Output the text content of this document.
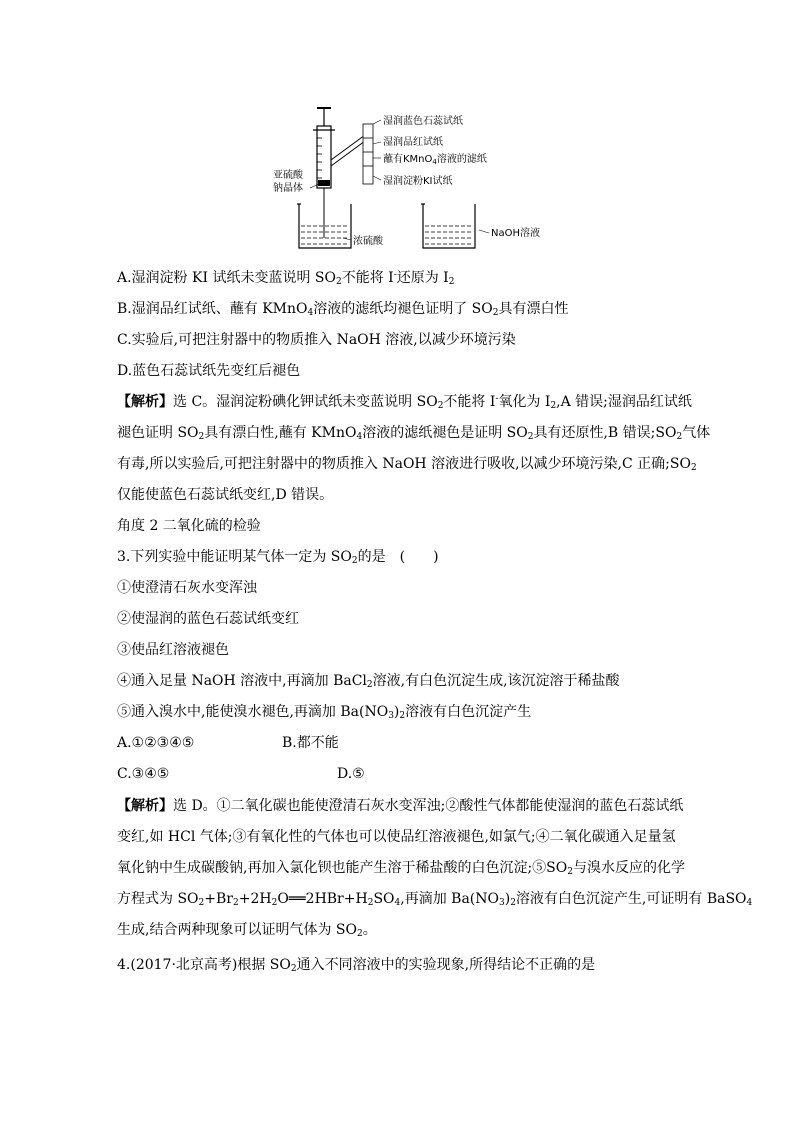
湿润蓝色石蕊试纸
湿润品红试纸
蘸有KMnO$_4$溶液的滤纸
湿润淀粉KI试纸
亚硫酸
钠晶体
浓硫酸
NaOH溶液
A.湿润淀粉 KI 试纸未变蓝说明 $SO_2$不能将 I-还原为 $I_2$
B.湿润品红试纸、蘸有 KMnO$_4$溶液的滤纸均褪色证明了 $SO_2$具有漂白性
C.实验后,可把注射器中的物质推入 NaOH 溶液,以减少环境污染
D.蓝色石蕊试纸先变红后褪色
【解析】选 C。湿润淀粉碘化钾试纸未变蓝说明 $SO_2$不能将 I-氧化为 $I_2,A$ 错误;湿润品红试纸
褪色证明 $SO_2$具有漂白性,蘸有 KMnO$_4$溶液的滤纸褪色是证明 $SO_2$具有还原性,B 错误$;SO_2$气体
有毒,所以实验后,可把注射器中的物质推入 NaOH 溶液进行吸收,以减少环境污染,C 正确$;SO_2$
仅能使蓝色石蕊试纸变红,D 错误。
角度 2 二氧化硫的检验
3.下列实验中能证明某气体一定为 $SO_2$的是　(　　)
①使澄清石灰水变浑浊
②使湿润的蓝色石蕊试纸变红
③使品红溶液褪色
④通入足量 NaOH 溶液中,再滴加 BaCl$_2$溶液,有白色沉淀生成,该沉淀溶于稀盐酸
⑤通入溴水中,能使溴水褪色,再滴加 $Ba(NO_3)_2$溶液有白色沉淀产生
A.①②③④⑤	B.都不能
C.③④⑤	D.⑤
【解析】选 D。①二氧化碳也能使澄清石灰水变浑浊;②酸性气体都能使湿润的蓝色石蕊试纸
变红,如 HCl 气体;③有氧化性的气体也可以使品红溶液褪色,如氯气;④二氧化碳通入足量氢
氧化钠中生成碳酸钠,再加入氯化钡也能产生溶于稀盐酸的白色沉淀$;⑤SO_2$与溴水反应的化学
方程式为 $SO_2+Br_2+2H_2O══2HBr+H_2SO_4$,再滴加 $Ba(NO_3)_2$溶液有白色沉淀产生,可证明有 BaSO$_4$
生成,结合两种现象可以证明气体为 $SO_2$。
4.(2017·北京高考)根据 $SO_2$通入不同溶液中的实验现象,所得结论不正确的是
